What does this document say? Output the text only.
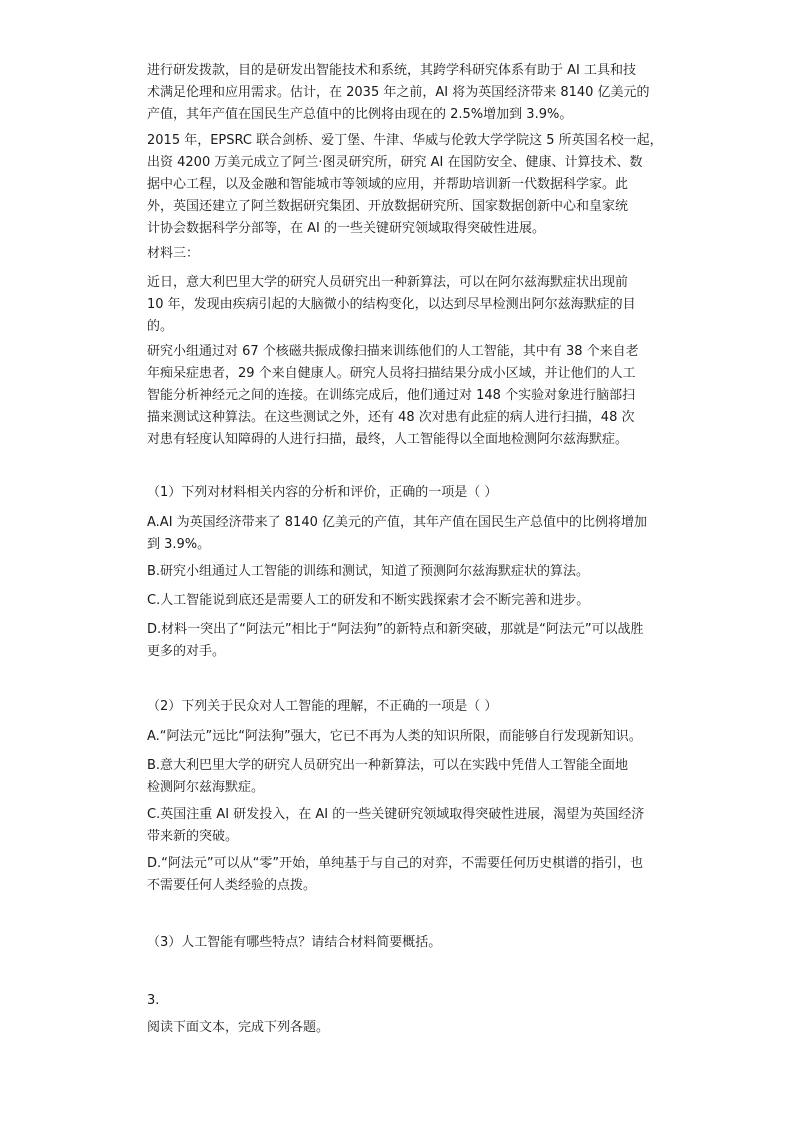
进行研发拨款，目的是研发出智能技术和系统，其跨学科研究体系有助于 AI 工具和技
术满足伦理和应用需求。估计，在 2035 年之前，AI 将为英国经济带来 8140 亿美元的
产值，其年产值在国民生产总值中的比例将由现在的 2.5%增加到 3.9%。
2015 年，EPSRC 联合剑桥、爱丁堡、牛津、华威与伦敦大学学院这 5 所英国名校一起，
出资 4200 万美元成立了阿兰·图灵研究所，研究 AI 在国防安全、健康、计算技术、数
据中心工程，以及金融和智能城市等领域的应用，并帮助培训新一代数据科学家。此
外，英国还建立了阿兰数据研究集团、开放数据研究所、国家数据创新中心和皇家统
计协会数据科学分部等，在 AI 的一些关键研究领域取得突破性进展。
材料三：
近日，意大利巴里大学的研究人员研究出一种新算法，可以在阿尔兹海默症状出现前
10 年，发现由疾病引起的大脑微小的结构变化，以达到尽早检测出阿尔兹海默症的目
的。
研究小组通过对 67 个核磁共振成像扫描来训练他们的人工智能，其中有 38 个来自老
年痴呆症患者，29 个来自健康人。研究人员将扫描结果分成小区域，并让他们的人工
智能分析神经元之间的连接。在训练完成后，他们通过对 148 个实验对象进行脑部扫
描来测试这种算法。在这些测试之外，还有 48 次对患有此症的病人进行扫描，48 次
对患有轻度认知障碍的人进行扫描，最终，人工智能得以全面地检测阿尔兹海默症。
（1）下列对材料相关内容的分析和评价，正确的一项是（ ）
A.AI 为英国经济带来了 8140 亿美元的产值，其年产值在国民生产总值中的比例将增加
到 3.9%。
B.研究小组通过人工智能的训练和测试，知道了预测阿尔兹海默症状的算法。
C.人工智能说到底还是需要人工的研发和不断实践探索才会不断完善和进步。
D.材料一突出了“阿法元”相比于“阿法狗”的新特点和新突破，那就是“阿法元”可以战胜
更多的对手。
（2）下列关于民众对人工智能的理解，不正确的一项是（ ）
A.“阿法元”远比“阿法狗”强大，它已不再为人类的知识所限，而能够自行发现新知识。
B.意大利巴里大学的研究人员研究出一种新算法，可以在实践中凭借人工智能全面地
检测阿尔兹海默症。
C.英国注重 AI 研发投入，在 AI 的一些关键研究领域取得突破性进展，渴望为英国经济
带来新的突破。
D.“阿法元”可以从“零”开始，单纯基于与自己的对弈，不需要任何历史棋谱的指引，也
不需要任何人类经验的点拨。
（3）人工智能有哪些特点？请结合材料简要概括。
3.
阅读下面文本，完成下列各题。
